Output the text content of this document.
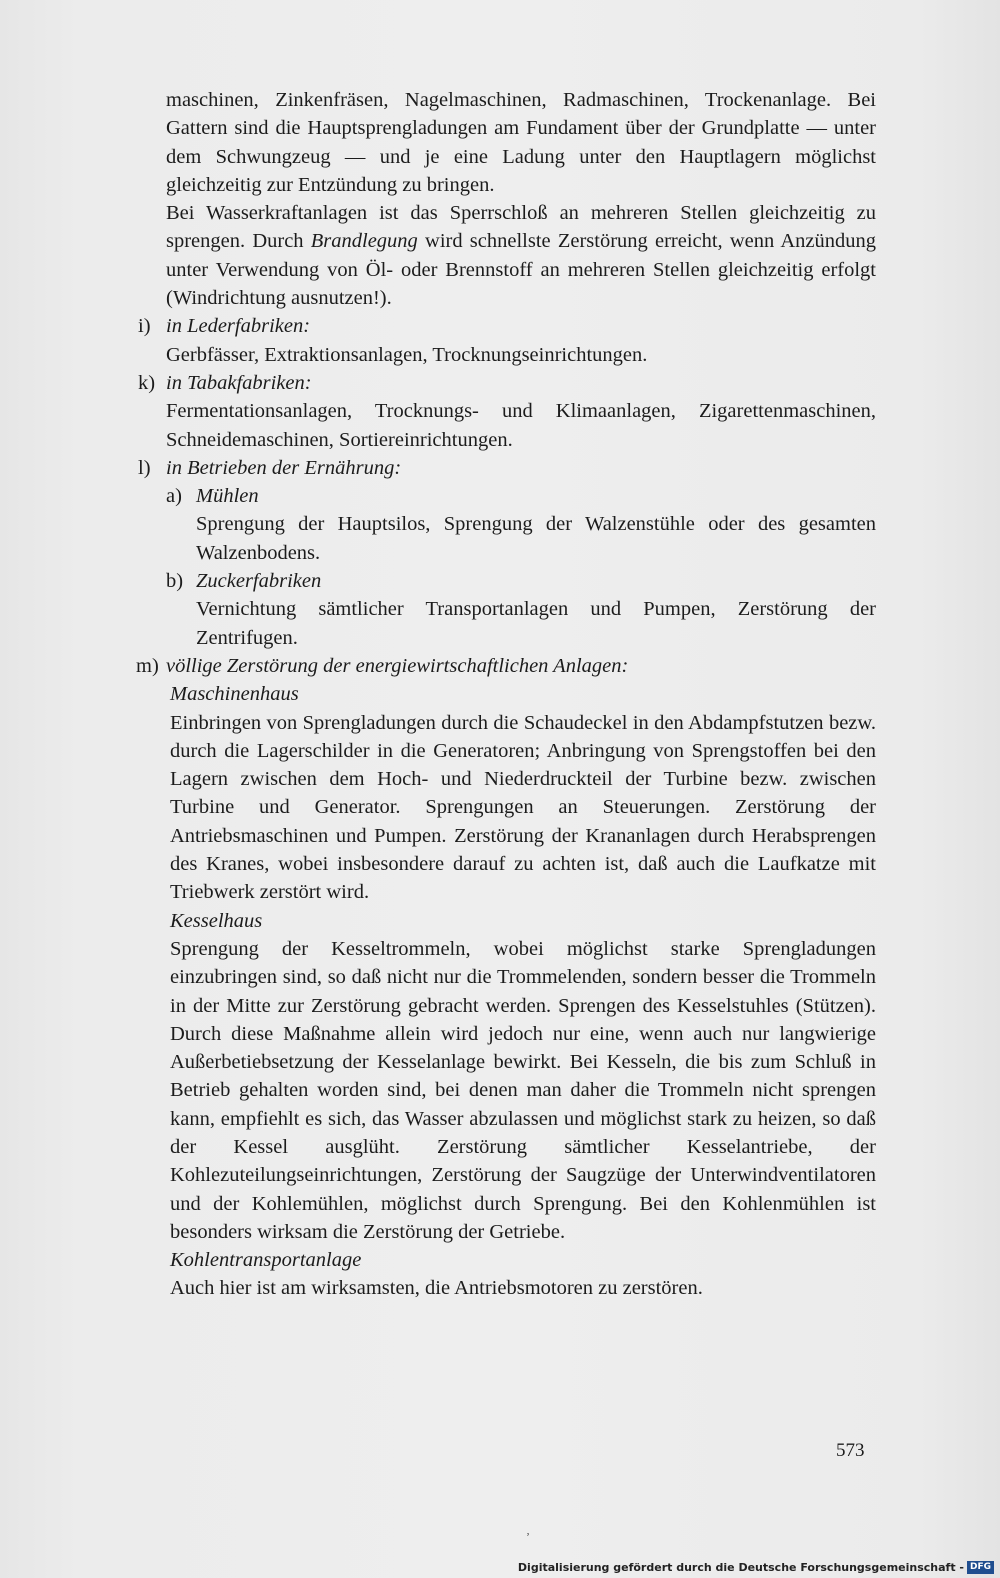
maschinen, Zinkenfräsen, Nagelmaschinen, Radmaschinen, Trockenanlage. Bei Gattern sind die Hauptsprengladungen am Fundament über der Grundplatte — unter dem Schwungzeug — und je eine Ladung unter den Hauptlagern möglichst gleichzeitig zur Entzündung zu bringen.

Bei Wasserkraftanlagen ist das Sperrschloß an mehreren Stellen gleichzeitig zu sprengen. Durch Brandlegung wird schnellste Zerstörung erreicht, wenn Anzündung unter Verwendung von Öl- oder Brennstoff an mehreren Stellen gleichzeitig erfolgt (Windrichtung ausnutzen!).

i) in Lederfabriken:
Gerbfässer, Extraktionsanlagen, Trocknungseinrichtungen.
k) in Tabakfabriken:
Fermentationsanlagen, Trocknungs- und Klimaanlagen, Zigarettenmaschinen, Schneidemaschinen, Sortiereinrichtungen.
l) in Betrieben der Ernährung:
a) Mühlen

Sprengung der Hauptsilos, Sprengung der Walzenstühle oder des gesamten Walzenbodens.

b) Zuckerfabriken

Vernichtung sämtlicher Transportanlagen und Pumpen, Zerstörung der Zentrifugen.

m) völlige Zerstörung der energiewirtschaftlichen Anlagen:

Maschinenhaus

Einbringen von Sprengladungen durch die Schaudeckel in den Abdampfstutzen bezw. durch die Lagerschilder in die Generatoren; Anbringung von Sprengstoffen bei den Lagern zwischen dem Hoch- und Niederdruckteil der Turbine bezw. zwischen Turbine und Generator. Sprengungen an Steuerungen. Zerstörung der Antriebsmaschinen und Pumpen. Zerstörung der Krananlagen durch Herabsprengen des Kranes, wobei insbesondere darauf zu achten ist, daß auch die Laufkatze mit Triebwerk zerstört wird.

Kesselhaus

Sprengung der Kesseltrommeln, wobei möglichst starke Sprengladungen einzubringen sind, so daß nicht nur die Trommelenden, sondern besser die Trommeln in der Mitte zur Zerstörung gebracht werden. Sprengen des Kesselstuhles (Stützen). Durch diese Maßnahme allein wird jedoch nur eine, wenn auch nur langwierige Außerbetiebsetzung der Kesselanlage bewirkt. Bei Kesseln, die bis zum Schluß in Betrieb gehalten worden sind, bei denen man daher die Trommeln nicht sprengen kann, empfiehlt es sich, das Wasser abzulassen und möglichst stark zu heizen, so daß der Kessel ausglüht. Zerstörung sämtlicher Kesselantriebe, der Kohlezuteilungseinrichtungen, Zerstörung der Saugzüge der Unterwindventilatoren und der Kohlemühlen, möglichst durch Sprengung. Bei den Kohlenmühlen ist besonders wirksam die Zerstörung der Getriebe.

Kohlentransportanlage

Auch hier ist am wirksamsten, die Antriebsmotoren zu zerstören.

573
ʼ
Digitalisierung gefördert durch die Deutsche Forschungsgemeinschaft - DFG
